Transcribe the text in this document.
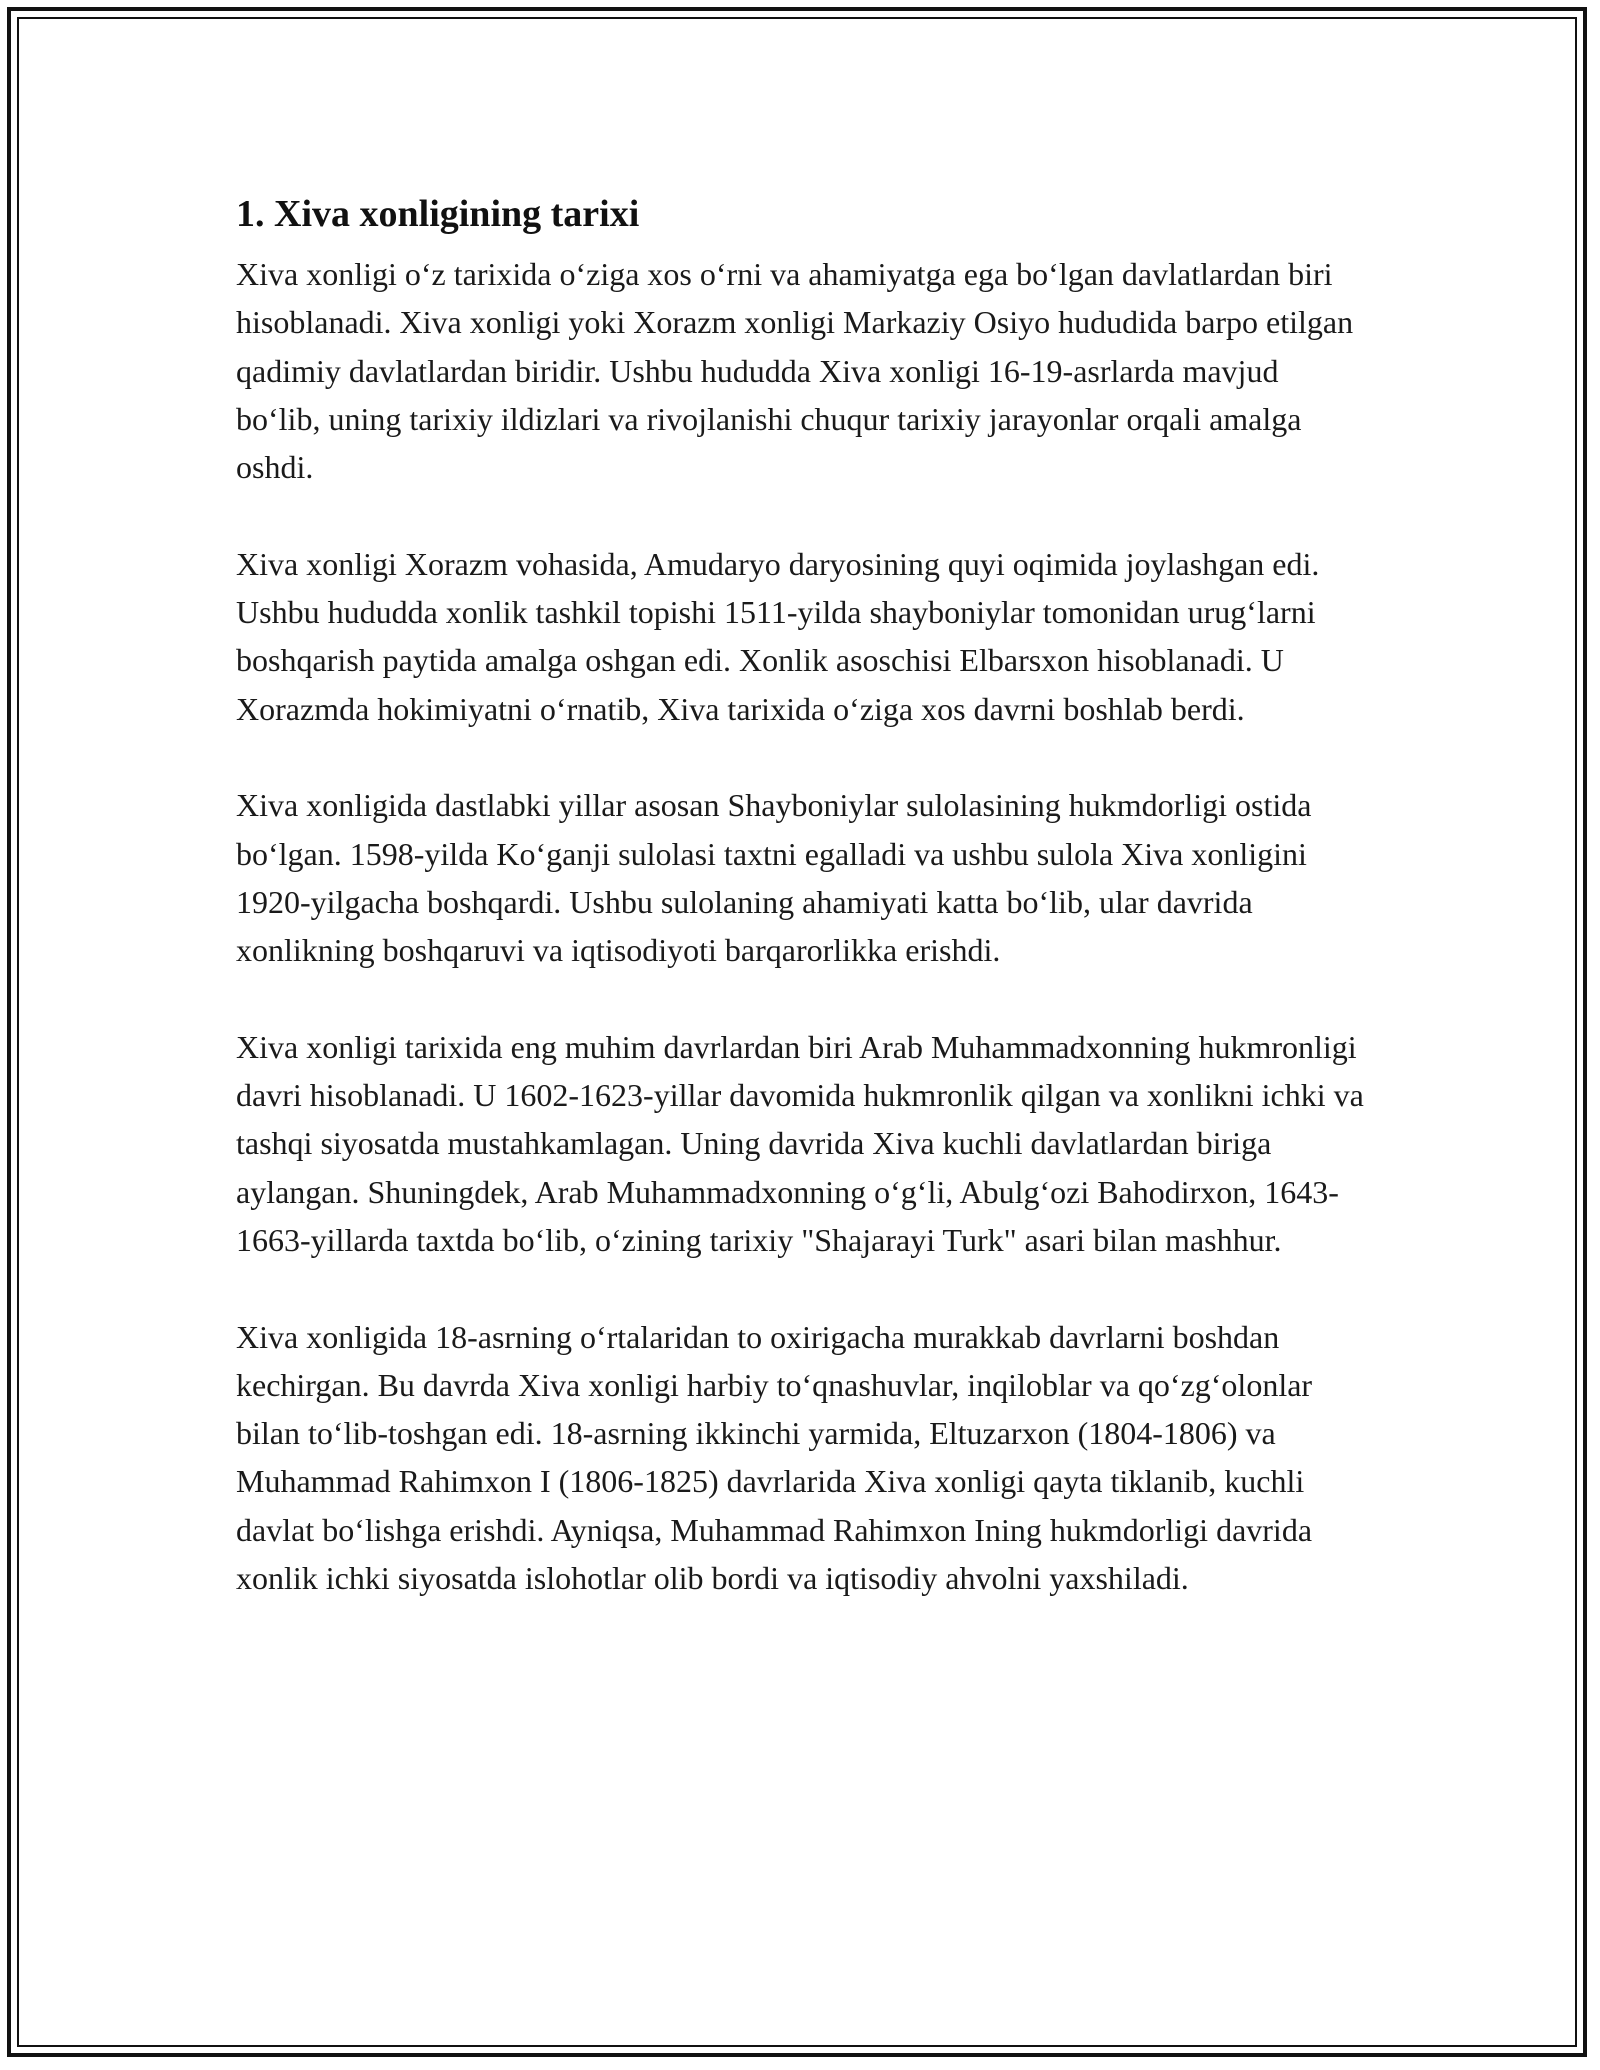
1. Xiva xonligining tarixi

Xiva xonligi o‘z tarixida o‘ziga xos o‘rni va ahamiyatga ega bo‘lgan davlatlardan biri hisoblanadi. Xiva xonligi yoki Xorazm xonligi Markaziy Osiyo hududida barpo etilgan qadimiy davlatlardan biridir. Ushbu hududda Xiva xonligi 16-19-asrlarda mavjud bo‘lib, uning tarixiy ildizlari va rivojlanishi chuqur tarixiy jarayonlar orqali amalga oshdi.

Xiva xonligi Xorazm vohasida, Amudaryo daryosining quyi oqimida joylashgan edi. Ushbu hududda xonlik tashkil topishi 1511-yilda shayboniylar tomonidan urug‘larni boshqarish paytida amalga oshgan edi. Xonlik asoschisi Elbarsxon hisoblanadi. U Xorazmda hokimiyatni o‘rnatib, Xiva tarixida o‘ziga xos davrni boshlab berdi.

Xiva xonligida dastlabki yillar asosan Shayboniylar sulolasining hukmdorligi ostida bo‘lgan. 1598-yilda Ko‘ganji sulolasi taxtni egalladi va ushbu sulola Xiva xonligini 1920-yilgacha boshqardi. Ushbu sulolaning ahamiyati katta bo‘lib, ular davrida xonlikning boshqaruvi va iqtisodiyoti barqarorlikka erishdi.

Xiva xonligi tarixida eng muhim davrlardan biri Arab Muhammadxonning hukmronligi davri hisoblanadi. U 1602-1623-yillar davomida hukmronlik qilgan va xonlikni ichki va tashqi siyosatda mustahkamlagan. Uning davrida Xiva kuchli davlatlardan biriga aylangan. Shuningdek, Arab Muhammadxonning o‘g‘li, Abulg‘ozi Bahodirxon, 1643-1663-yillarda taxtda bo‘lib, o‘zining tarixiy "Shajarayi Turk" asari bilan mashhur.

Xiva xonligida 18-asrning o‘rtalaridan to oxirigacha murakkab davrlarni boshdan kechirgan. Bu davrda Xiva xonligi harbiy to‘qnashuvlar, inqiloblar va qo‘zg‘olonlar bilan to‘lib-toshgan edi. 18-asrning ikkinchi yarmida, Eltuzarxon (1804-1806) va Muhammad Rahimxon I (1806-1825) davrlarida Xiva xonligi qayta tiklanib, kuchli davlat bo‘lishga erishdi. Ayniqsa, Muhammad Rahimxon Ining hukmdorligi davrida xonlik ichki siyosatda islohotlar olib bordi va iqtisodiy ahvolni yaxshiladi.
